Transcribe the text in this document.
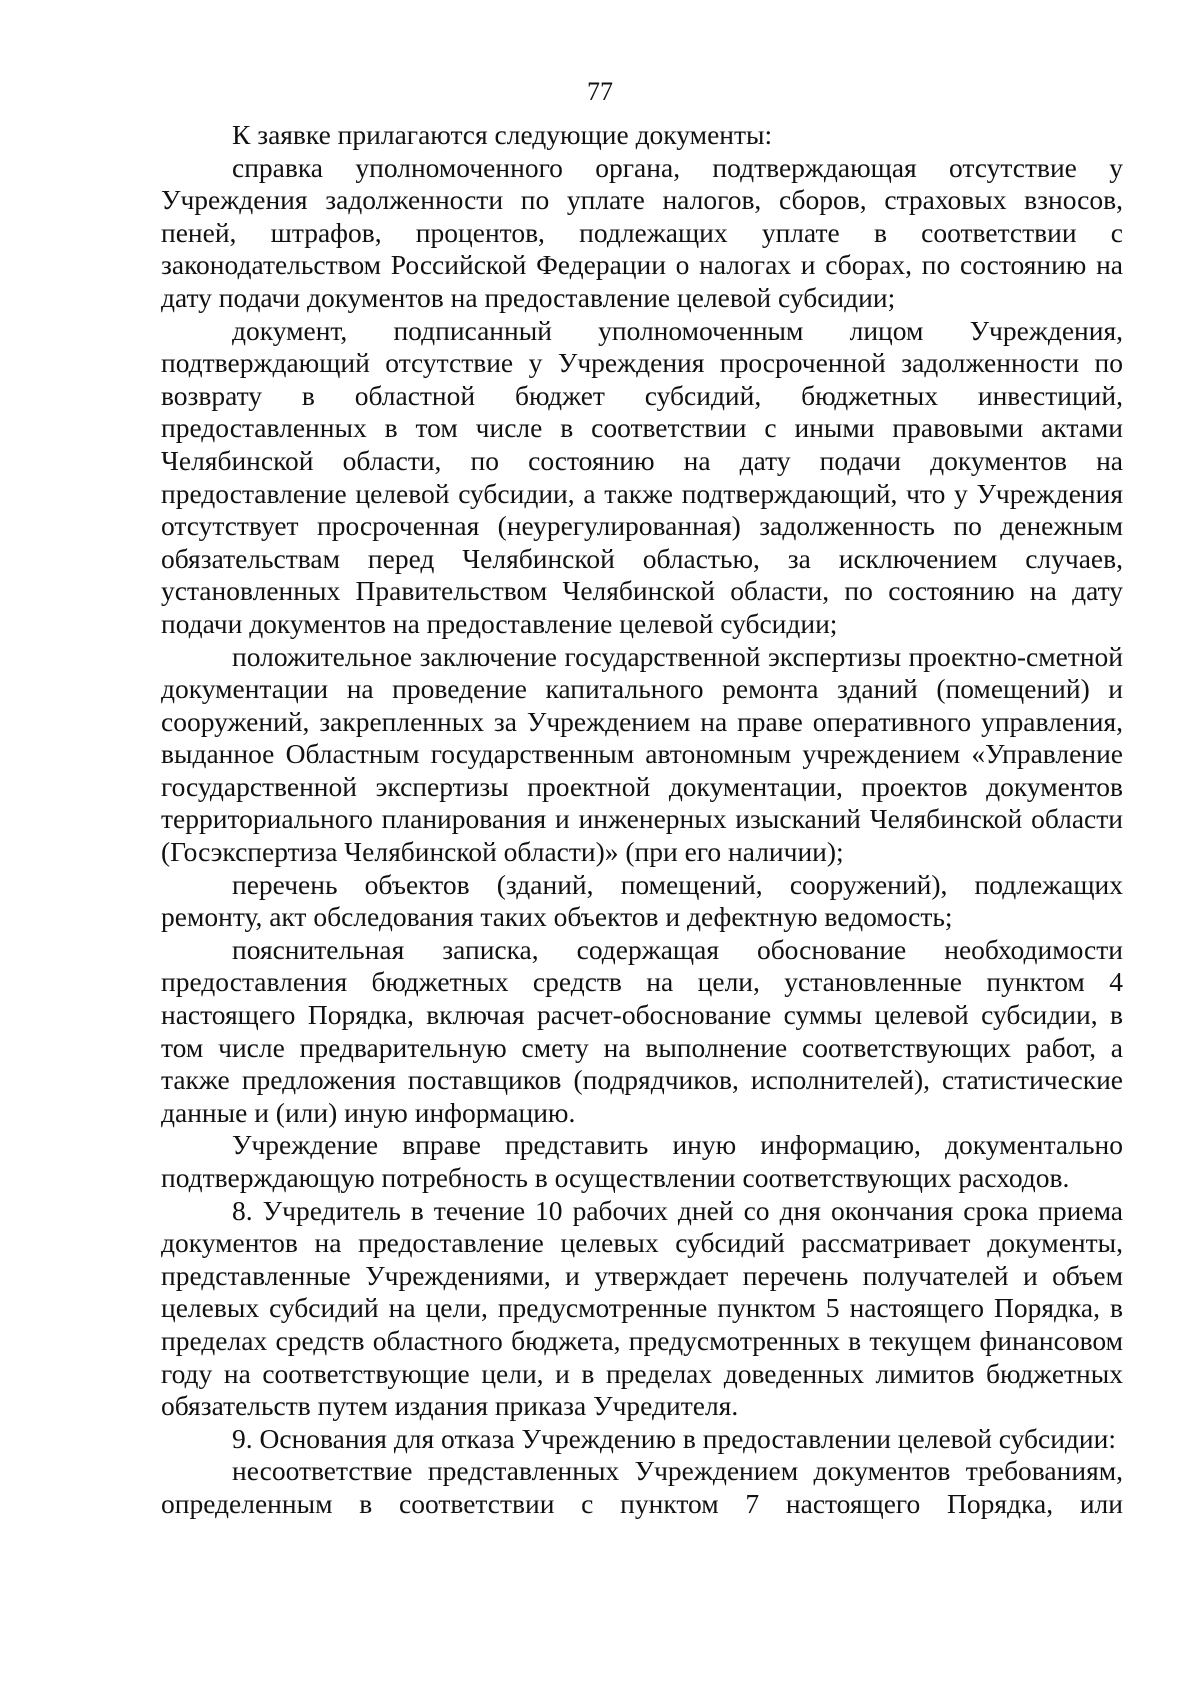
77

К заявке прилагаются следующие документы:

справка уполномоченного органа, подтверждающая отсутствие у Учреждения задолженности по уплате налогов, сборов, страховых взносов, пеней, штрафов, процентов, подлежащих уплате в соответствии с законодательством Российской Федерации о налогах и сборах, по состоянию на дату подачи документов на предоставление целевой субсидии;

документ, подписанный уполномоченным лицом Учреждения, подтверждающий отсутствие у Учреждения просроченной задолженности по возврату в областной бюджет субсидий, бюджетных инвестиций, предоставленных в том числе в соответствии с иными правовыми актами Челябинской области, по состоянию на дату подачи документов на предоставление целевой субсидии, а также подтверждающий, что у Учреждения отсутствует просроченная (неурегулированная) задолженность по денежным обязательствам перед Челябинской областью, за исключением случаев, установленных Правительством Челябинской области, по состоянию на дату подачи документов на предоставление целевой субсидии;

положительное заключение государственной экспертизы проектно-сметной документации на проведение капитального ремонта зданий (помещений) и сооружений, закрепленных за Учреждением на праве оперативного управления, выданное Областным государственным автономным учреждением «Управление государственной экспертизы проектной документации, проектов документов территориального планирования и инженерных изысканий Челябинской области (Госэкспертиза Челябинской области)» (при его наличии);

перечень объектов (зданий, помещений, сооружений), подлежащих ремонту, акт обследования таких объектов и дефектную ведомость;

пояснительная записка, содержащая обоснование необходимости предоставления бюджетных средств на цели, установленные пунктом 4 настоящего Порядка, включая расчет-обоснование суммы целевой субсидии, в том числе предварительную смету на выполнение соответствующих работ, а также предложения поставщиков (подрядчиков, исполнителей), статистические данные и (или) иную информацию.

Учреждение вправе представить иную информацию, документально подтверждающую потребность в осуществлении соответствующих расходов.

8. Учредитель в течение 10 рабочих дней со дня окончания срока приема документов на предоставление целевых субсидий рассматривает документы, представленные Учреждениями, и утверждает перечень получателей и объем целевых субсидий на цели, предусмотренные пунктом 5 настоящего Порядка, в пределах средств областного бюджета, предусмотренных в текущем финансовом году на соответствующие цели, и в пределах доведенных лимитов бюджетных обязательств путем издания приказа Учредителя.

9. Основания для отказа Учреждению в предоставлении целевой субсидии:

несоответствие представленных Учреждением документов требованиям, определенным в соответствии с пунктом 7 настоящего Порядка, или
